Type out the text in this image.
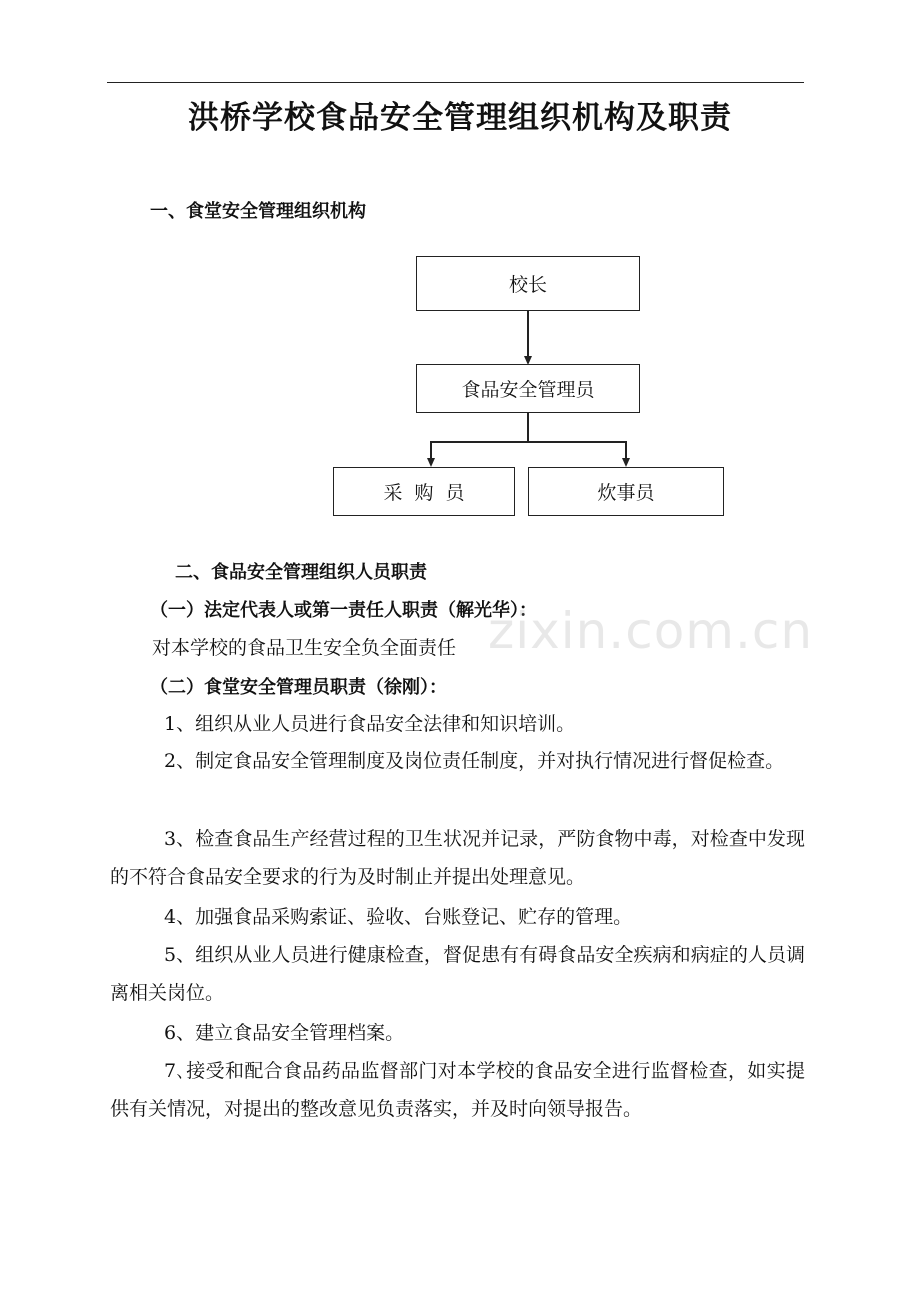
洪桥学校食品安全管理组织机构及职责
一、食堂安全管理组织机构
校长
食品安全管理员
采 购 员	炊事员
二、食品安全管理组织人员职责
（一）法定代表人或第一责任人职责（解光华）：
zixin.com.cn
对本学校的食品卫生安全负全面责任
（二）食堂安全管理员职责（徐刚）：
1、组织从业人员进行食品安全法律和知识培训。
2、制定食品安全管理制度及岗位责任制度，并对执行情况进行督促检查。
3、检查食品生产经营过程的卫生状况并记录，严防食物中毒，对检查中发现的不符合食品安全要求的行为及时制止并提出处理意见。
4、加强食品采购索证、验收、台账登记、贮存的管理。
5、组织从业人员进行健康检查，督促患有有碍食品安全疾病和病症的人员调离相关岗位。
6、建立食品安全管理档案。
7､接受和配合食品药品监督部门对本学校的食品安全进行监督检查，如实提供有关情况，对提出的整改意见负责落实，并及时向领导报告。
